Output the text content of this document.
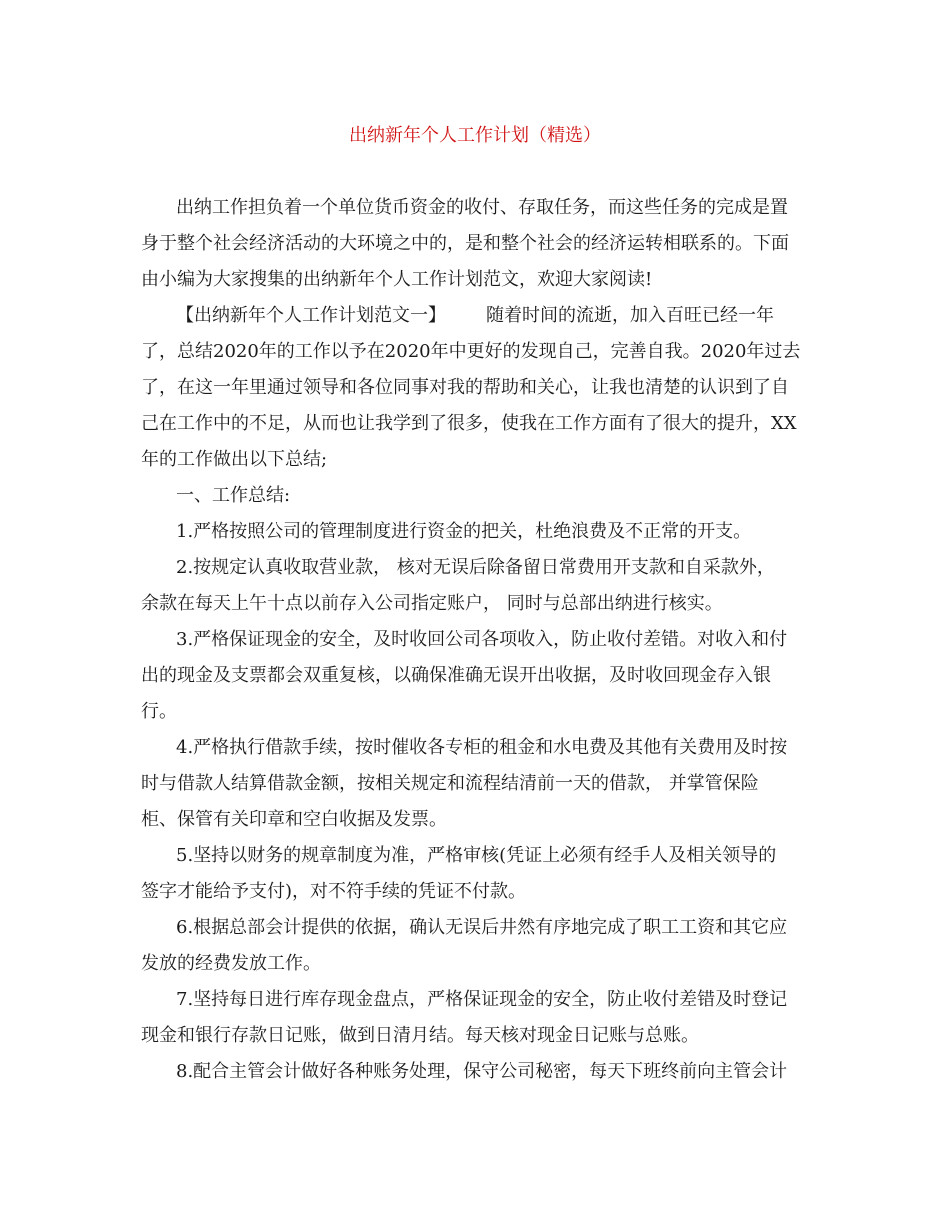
出纳新年个人工作计划（精选）
出纳工作担负着一个单位货币资金的收付、存取任务，而这些任务的完成是置
身于整个社会经济活动的大环境之中的，是和整个社会的经济运转相联系的。下面
由小编为大家搜集的出纳新年个人工作计划范文，欢迎大家阅读!
【出纳新年个人工作计划范文一】 随着时间的流逝，加入百旺已经一年
了，总结2020年的工作以予在2020年中更好的发现自己，完善自我。2020年过去
了，在这一年里通过领导和各位同事对我的帮助和关心，让我也清楚的认识到了自
己在工作中的不足，从而也让我学到了很多，使我在工作方面有了很大的提升，XX
年的工作做出以下总结;
一、工作总结:
1.严格按照公司的管理制度进行资金的把关，杜绝浪费及不正常的开支。
2.按规定认真收取营业款， 核对无误后除备留日常费用开支款和自采款外，
余款在每天上午十点以前存入公司指定账户， 同时与总部出纳进行核实。
3.严格保证现金的安全，及时收回公司各项收入，防止收付差错。对收入和付
出的现金及支票都会双重复核，以确保准确无误开出收据，及时收回现金存入银
行。
4.严格执行借款手续，按时催收各专柜的租金和水电费及其他有关费用及时按
时与借款人结算借款金额，按相关规定和流程结清前一天的借款， 并掌管保险
柜、保管有关印章和空白收据及发票。
5.坚持以财务的规章制度为准，严格审核(凭证上必须有经手人及相关领导的
签字才能给予支付)，对不符手续的凭证不付款。
6.根据总部会计提供的依据，确认无误后井然有序地完成了职工工资和其它应
发放的经费发放工作。
7.坚持每日进行库存现金盘点，严格保证现金的安全，防止收付差错及时登记
现金和银行存款日记账，做到日清月结。每天核对现金日记账与总账。
8.配合主管会计做好各种账务处理，保守公司秘密，每天下班终前向主管会计
